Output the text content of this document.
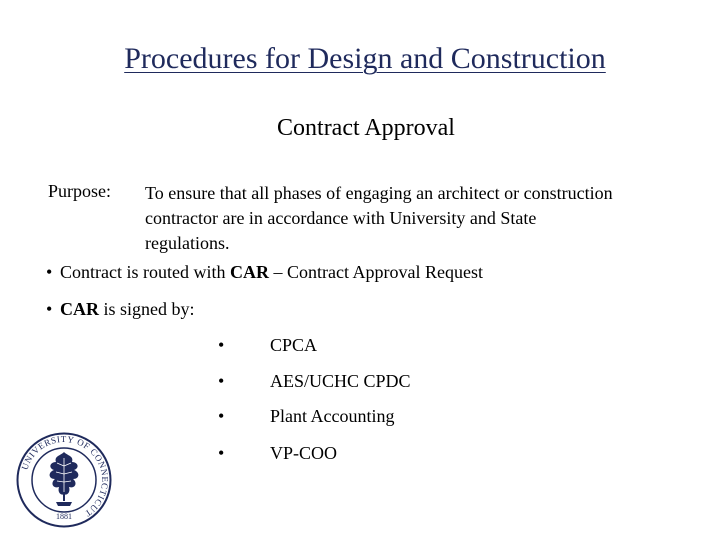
Procedures for Design and Construction
Contract Approval
Purpose: To ensure that all phases of engaging an architect or construction contractor are in accordance with University and State regulations.
• Contract is routed with CAR – Contract Approval Request
• CAR is signed by:
•	CPCA
•	AES/UCHC CPDC
•	Plant Accounting
•	VP-COO
UNIVERSITY OF CONNECTICUT
1881
